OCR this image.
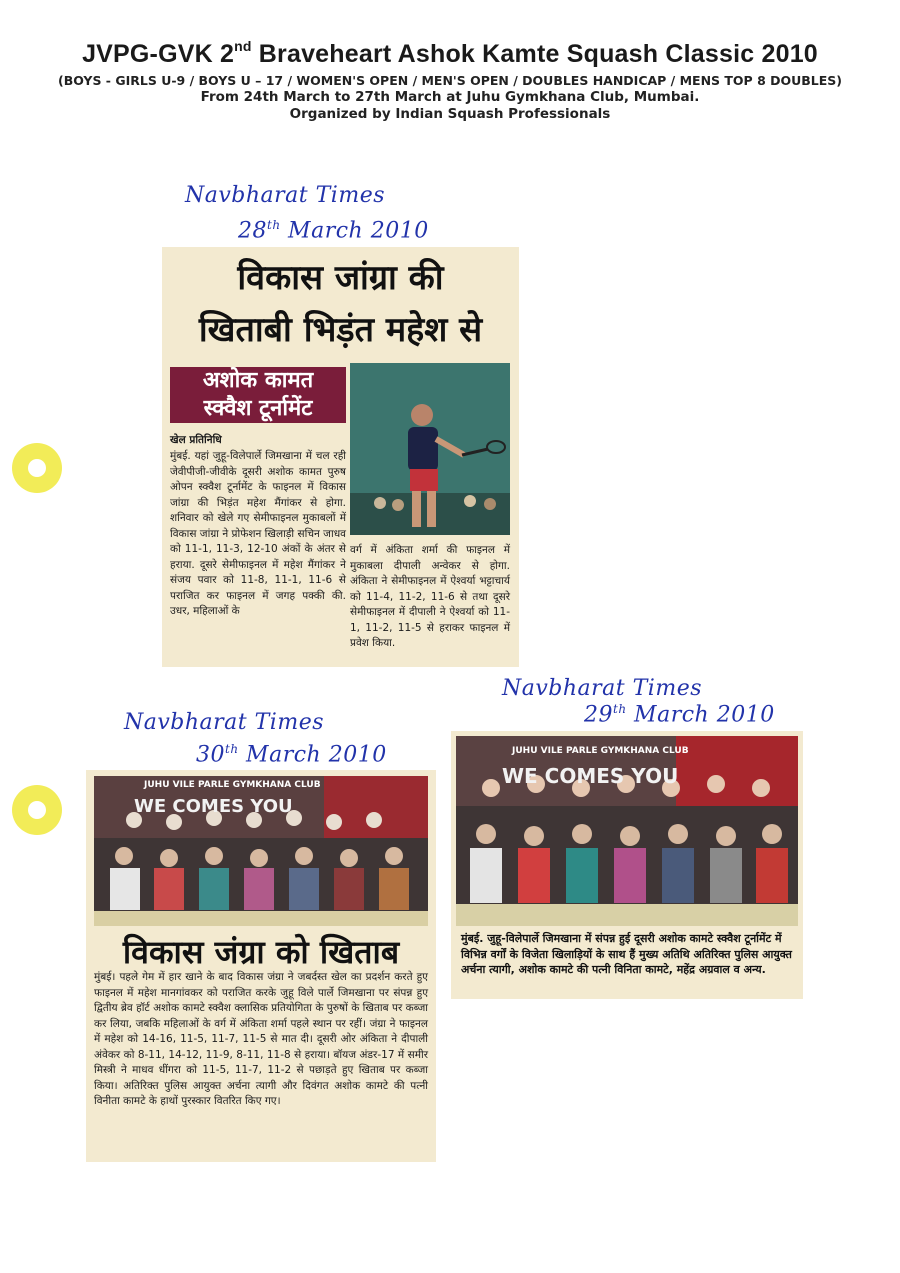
JVPG-GVK 2nd Braveheart Ashok Kamte Squash Classic 2010
(BOYS - GIRLS U-9 / BOYS U – 17 / WOMEN'S OPEN / MEN'S OPEN / DOUBLES HANDICAP / MENS TOP 8 DOUBLES)
From 24th March to 27th March at Juhu Gymkhana Club, Mumbai.
Organized by Indian Squash Professionals
Navbharat Times
28th March 2010
Navbharat Times
29th March 2010
Navbharat Times
30th March 2010
विकास जांग्रा की
खिताबी भिड़ंत महेश से
अशोक कामत
स्क्वैश टूर्नामेंट
खेल प्रतिनिधि
मुंबई. यहां जुहू-विलेपार्ले जिमखाना में चल रही जेवीपीजी-जीवीके दूसरी अशोक कामत पुरुष ओपन स्क्वैश टूर्नामेंट के फाइनल में विकास जांग्रा की भिड़ंत महेश मैंगांकर से होगा. शनिवार को खेले गए सेमीफाइनल मुकाबलों में विकास जांग्रा ने प्रोफेशन खिलाड़ी सचिन जाधव को 11-1, 11-3, 12-10 अंकों के अंतर से हराया. दूसरे सेमीफाइनल में महेश मैंगांकर ने संजय पवार को 11-8, 11-1, 11-6 से पराजित कर फाइनल में जगह पक्की की. उधर, महिलाओं के
वर्ग में अंकिता शर्मा की फाइनल में मुकाबला दीपाली अन्वेकर से होगा. अंकिता ने सेमीफाइनल में ऐश्वर्या भट्टाचार्य को 11-4, 11-2, 11-6 से तथा दूसरे सेमीफाइनल में दीपाली ने ऐश्वर्या को 11-1, 11-2, 11-5 से हराकर फाइनल में प्रवेश किया.
JUHU VILE PARLE GYMKHANA CLUB
WE COMES YOU
विकास जंग्रा को खिताब
मुंबई। पहले गेम में हार खाने के बाद विकास जंग्रा ने जबर्दस्त खेल का प्रदर्शन करते हुए फाइनल में महेश मानगांवकर को पराजित करके जुहू विले पार्ले जिमखाना पर संपन्न हुए द्वितीय ब्रेव हॉर्ट अशोक कामटे स्क्वैश क्लासिक प्रतियोगिता के पुरुषों के खिताब पर कब्जा कर लिया, जबकि महिलाओं के वर्ग में अंकिता शर्मा पहले स्थान पर रहीं। जंग्रा ने फाइनल में महेश को 14-16, 11-5, 11-7, 11-5 से मात दी। दूसरी ओर अंकिता ने दीपाली अंवेकर को 8-11, 14-12, 11-9, 8-11, 11-8 से हराया। बॉयज अंडर-17 में समीर मिस्त्री ने माधव धींगरा को 11-5, 11-7, 11-2 से पछाड़ते हुए खिताब पर कब्जा किया। अतिरिक्त पुलिस आयुक्त अर्चना त्यागी और दिवंगत अशोक कामटे की पत्नी विनीता कामटे के हाथों पुरस्कार वितरित किए गए।
JUHU VILE PARLE GYMKHANA CLUB
WE COMES YOU
मुंबई. जुहू-विलेपार्ले जिमखाना में संपन्न हुई दूसरी अशोक कामटे स्क्वैश टूर्नामेंट में विभिन्न वर्गों के विजेता खिलाड़ियों के साथ हैं मुख्य अतिथि अतिरिक्त पुलिस आयुक्त अर्चना त्यागी, अशोक कामटे की पत्नी विनिता कामटे, महेंद्र अग्रवाल व अन्य.
